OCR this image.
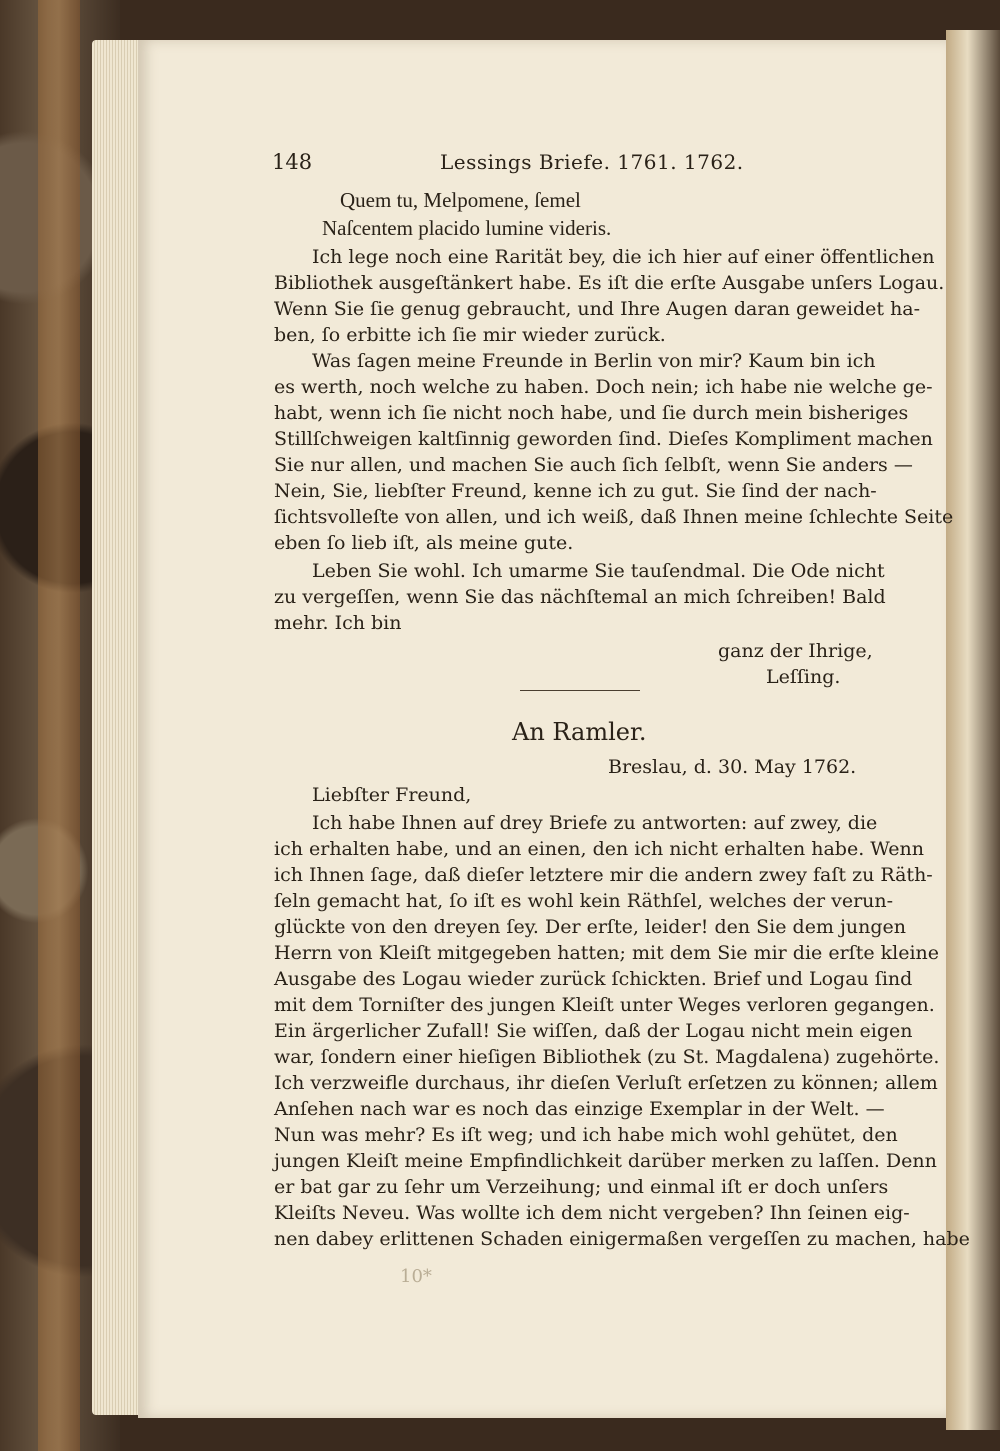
148	Lessings Briefe. 1761. 1762.
Quem tu, Melpomene, ſemel
Naſcentem placido lumine videris.
Ich lege noch eine Rarität bey, die ich hier auf einer öffentlichen
Bibliothek ausgeſtänkert habe. Es iſt die erſte Ausgabe unſers Logau.
Wenn Sie ſie genug gebraucht, und Ihre Augen daran geweidet ha-
ben, ſo erbitte ich ſie mir wieder zurück.
Was ſagen meine Freunde in Berlin von mir? Kaum bin ich
es werth, noch welche zu haben. Doch nein; ich habe nie welche ge-
habt, wenn ich ſie nicht noch habe, und ſie durch mein bisheriges
Stillſchweigen kaltſinnig geworden ſind. Dieſes Kompliment machen
Sie nur allen, und machen Sie auch ſich ſelbſt, wenn Sie anders —
Nein, Sie, liebſter Freund, kenne ich zu gut. Sie ſind der nach-
ſichtsvolleſte von allen, und ich weiß, daß Ihnen meine ſchlechte Seite
eben ſo lieb iſt, als meine gute.
Leben Sie wohl. Ich umarme Sie tauſendmal. Die Ode nicht
zu vergeſſen, wenn Sie das nächſtemal an mich ſchreiben! Bald
mehr. Ich bin
ganz der Ihrige,
Leſſing.
An Ramler.
Breslau, d. 30. May 1762.
Liebſter Freund,
Ich habe Ihnen auf drey Briefe zu antworten: auf zwey, die
ich erhalten habe, und an einen, den ich nicht erhalten habe. Wenn
ich Ihnen ſage, daß dieſer letztere mir die andern zwey faſt zu Räth-
ſeln gemacht hat, ſo iſt es wohl kein Räthſel, welches der verun-
glückte von den dreyen ſey. Der erſte, leider! den Sie dem jungen
Herrn von Kleiſt mitgegeben hatten; mit dem Sie mir die erſte kleine
Ausgabe des Logau wieder zurück ſchickten. Brief und Logau ſind
mit dem Torniſter des jungen Kleiſt unter Weges verloren gegangen.
Ein ärgerlicher Zufall! Sie wiſſen, daß der Logau nicht mein eigen
war, ſondern einer hieſigen Bibliothek (zu St. Magdalena) zugehörte.
Ich verzweifle durchaus, ihr dieſen Verluſt erſetzen zu können; allem
Anſehen nach war es noch das einzige Exemplar in der Welt. —
Nun was mehr? Es iſt weg; und ich habe mich wohl gehütet, den
jungen Kleiſt meine Empfindlichkeit darüber merken zu laſſen. Denn
er bat gar zu ſehr um Verzeihung; und einmal iſt er doch unſers
Kleiſts Neveu. Was wollte ich dem nicht vergeben? Ihn ſeinen eig-
nen dabey erlittenen Schaden einigermaßen vergeſſen zu machen, habe
10*
